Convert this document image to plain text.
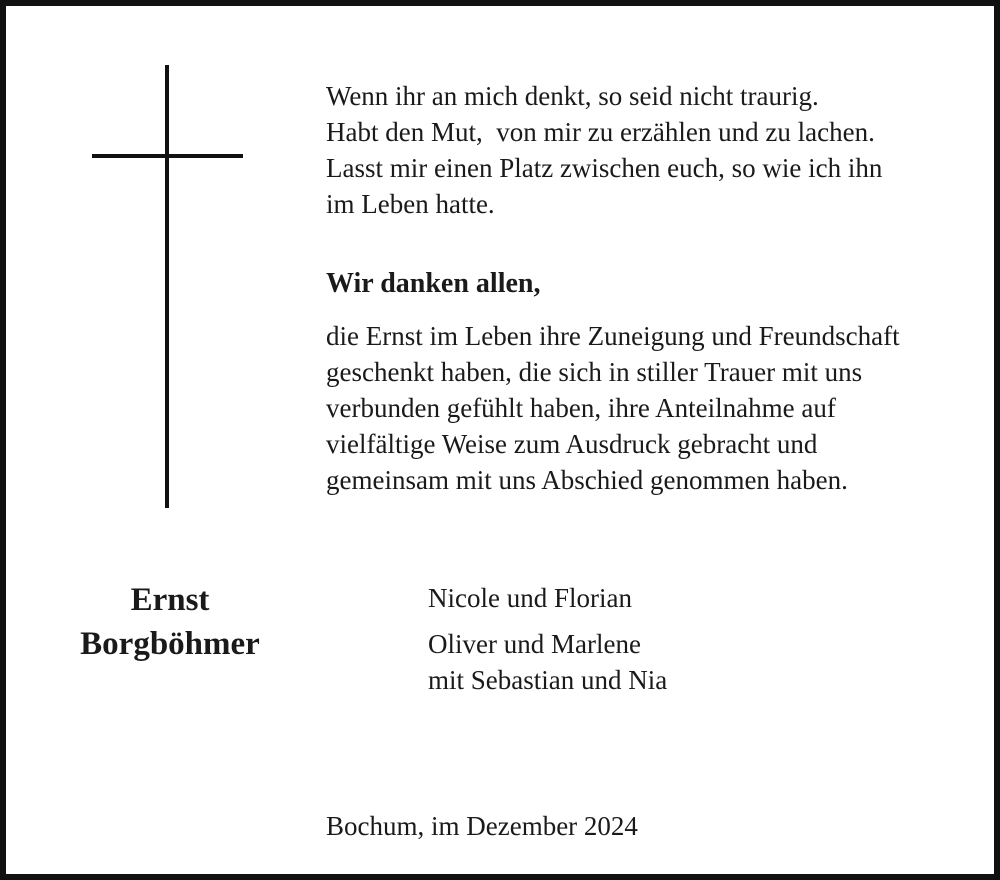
Wenn ihr an mich denkt, so seid nicht traurig.
Habt den Mut,  von mir zu erzählen und zu lachen.
Lasst mir einen Platz zwischen euch, so wie ich ihn
im Leben hatte.
Wir danken allen,
die Ernst im Leben ihre Zuneigung und Freundschaft
geschenkt haben, die sich in stiller Trauer mit uns
verbunden gefühlt haben, ihre Anteilnahme auf
vielfältige Weise zum Ausdruck gebracht und
gemeinsam mit uns Abschied genommen haben.
Ernst
Borgböhmer
Nicole und Florian
Oliver und Marlene
mit Sebastian und Nia
Bochum, im Dezember 2024
